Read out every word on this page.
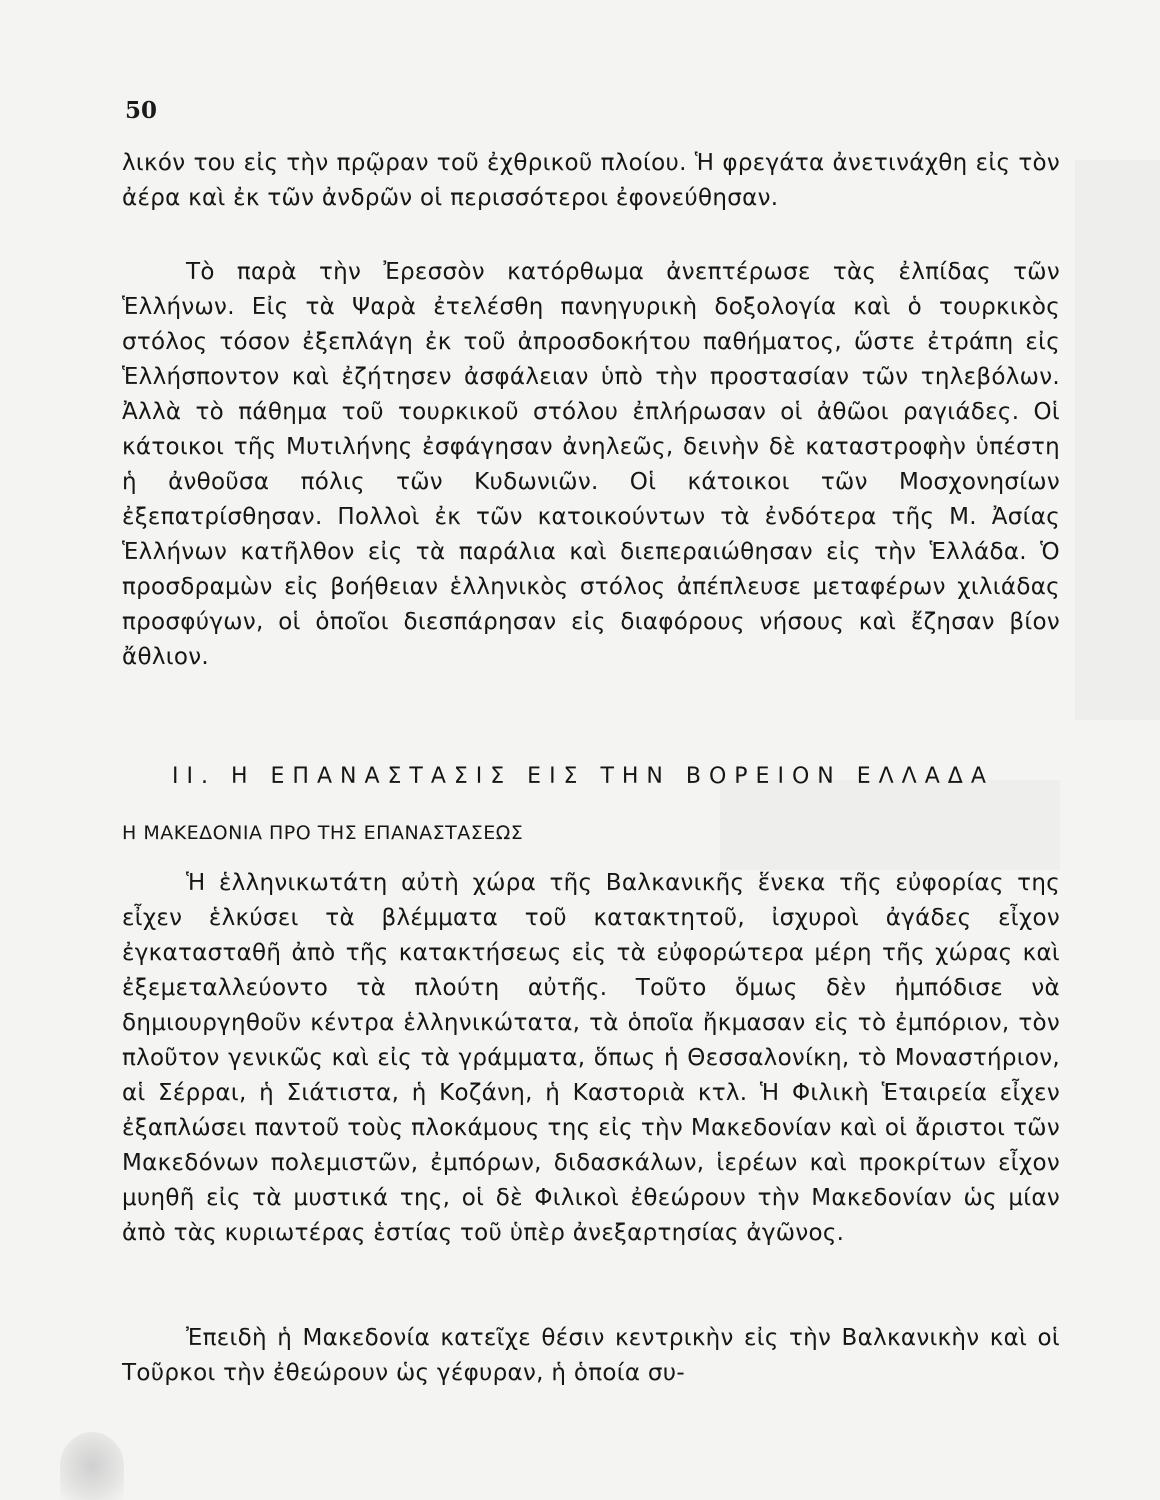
50

λικόν του εἰς τὴν πρῷραν τοῦ ἐχθρικοῦ πλοίου. Ἡ φρεγάτα ἀνετινάχθη εἰς τὸν ἀέρα καὶ ἐκ τῶν ἀνδρῶν οἱ περισσότεροι ἐφονεύθησαν.

Τὸ παρὰ τὴν Ἐρεσσὸν κατόρθωμα ἀνεπτέρωσε τὰς ἐλπίδας τῶν Ἑλλήνων. Εἰς τὰ Ψαρὰ ἐτελέσθη πανηγυρικὴ δοξολογία καὶ ὁ τουρκικὸς στόλος τόσον ἐξεπλάγη ἐκ τοῦ ἀπροσδοκήτου παθήματος, ὥστε ἐτράπη εἰς Ἑλλήσποντον καὶ ἐζήτησεν ἀσφάλειαν ὑπὸ τὴν προστασίαν τῶν τηλεβόλων. Ἀλλὰ τὸ πάθημα τοῦ τουρκικοῦ στόλου ἐπλήρωσαν οἱ ἀθῶοι ραγιάδες. Οἱ κάτοικοι τῆς Μυτιλήνης ἐσφάγησαν ἀνηλεῶς, δεινὴν δὲ καταστροφὴν ὑπέστη ἡ ἀνθοῦσα πόλις τῶν Κυδωνιῶν. Οἱ κάτοικοι τῶν Μοσχονησίων ἐξεπατρίσθησαν. Πολλοὶ ἐκ τῶν κατοικούντων τὰ ἐνδότερα τῆς Μ. Ἀσίας Ἑλλήνων κατῆλθον εἰς τὰ παράλια καὶ διεπεραιώθησαν εἰς τὴν Ἑλλάδα. Ὁ προσδραμὼν εἰς βοήθειαν ἑλληνικὸς στόλος ἀπέπλευσε μεταφέρων χιλιάδας προσφύγων, οἱ ὁποῖοι διεσπάρησαν εἰς διαφόρους νήσους καὶ ἔζησαν βίον ἄθλιον.

II. Η ΕΠΑΝΑΣΤΑΣΙΣ ΕΙΣ ΤΗΝ ΒΟΡΕΙΟΝ ΕΛΛΑΔΑ
Η ΜΑΚΕΔΟΝΙΑ ΠΡΟ ΤΗΣ ΕΠΑΝΑΣΤΑΣΕΩΣ

Ἡ ἑλληνικωτάτη αὐτὴ χώρα τῆς Βαλκανικῆς ἕνεκα τῆς εὐφορίας της εἶχεν ἑλκύσει τὰ βλέμματα τοῦ κατακτητοῦ, ἰσχυροὶ ἀγάδες εἶχον ἐγκατασταθῆ ἀπὸ τῆς κατακτήσεως εἰς τὰ εὐφορώτερα μέρη τῆς χώρας καὶ ἐξεμεταλλεύοντο τὰ πλούτη αὐτῆς. Τοῦτο ὅμως δὲν ἠμπόδισε νὰ δημιουργηθοῦν κέντρα ἑλληνικώτατα, τὰ ὁποῖα ἤκμασαν εἰς τὸ ἐμπόριον, τὸν πλοῦτον γενικῶς καὶ εἰς τὰ γράμματα, ὅπως ἡ Θεσσαλονίκη, τὸ Μοναστήριον, αἱ Σέρραι, ἡ Σιάτιστα, ἡ Κοζάνη, ἡ Καστοριὰ κτλ. Ἡ Φιλικὴ Ἑταιρεία εἶχεν ἐξαπλώσει παντοῦ τοὺς πλοκάμους της εἰς τὴν Μακεδονίαν καὶ οἱ ἄριστοι τῶν Μακεδόνων πολεμιστῶν, ἐμπόρων, διδασκάλων, ἱερέων καὶ προκρίτων εἶχον μυηθῆ εἰς τὰ μυστικά της, οἱ δὲ Φιλικοὶ ἐθεώρουν τὴν Μακεδονίαν ὡς μίαν ἀπὸ τὰς κυριωτέρας ἑστίας τοῦ ὑπὲρ ἀνεξαρτησίας ἀγῶνος.

Ἐπειδὴ ἡ Μακεδονία κατεῖχε θέσιν κεντρικὴν εἰς τὴν Βαλκανικὴν καὶ οἱ Τοῦρκοι τὴν ἐθεώρουν ὡς γέφυραν, ἡ ὁποία συ-
